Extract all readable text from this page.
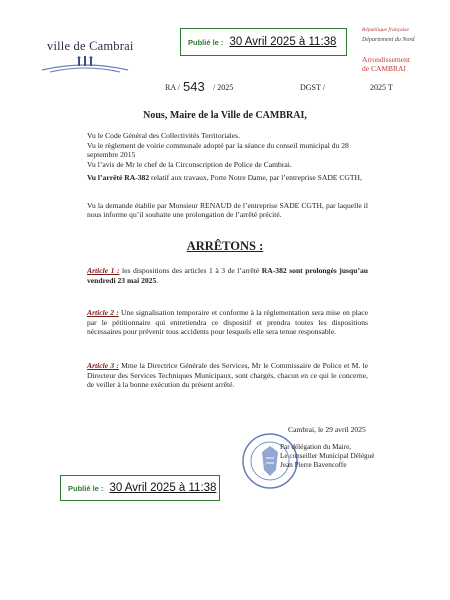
ville de Cambrai	Publié le : 30 Avril 2025 à 11:38
République française
Département du Nord
Arrondissement
de CAMBRAI
RA / 543 / 2025	DGST /	2025 T
Nous, Maire de la Ville de CAMBRAI,
Vu le Code Général des Collectivités Territoriales.
Vu le règlement de voirie communale adopté par la séance du conseil municipal du 28 septembre 2015
Vu l’avis de Mr le chef de la Circonscription de Police de Cambrai.
Vu l’arrêté RA-382 relatif aux travaux, Porte Notre Dame, par l’entreprise SADE CGTH,
Vu la demande établie par Monsieur RENAUD de l’entreprise SADE CGTH, par laquelle il nous informe qu’il souhaite une prolongation de l’arrêté précité.
ARRÊTONS :
Article 1 : les dispositions des articles 1 à 3 de l’arrêté RA-382 sont prolongés jusqu’au vendredi 23 mai 2025.
Article 2 : Une signalisation temporaire et conforme à la réglementation sera mise en place par le pétitionnaire qui entretiendra ce dispositif et prendra toutes les dispositions nécessaires pour prévenir tous accidents pour lesquels elle sera tenue responsable.
Article 3 : Mme la Directrice Générale des Services, Mr le Commissaire de Police et M. le Directeur des Services Techniques Municipaux, sont chargés, chacun en ce qui le concerne, de veiller à la bonne exécution du présent arrêté.
Cambrai, le 29 avril 2025
Par délégation du Maire,
Le conseiller Municipal Délégué
Jean Pierre Bavencoffe
Publié le : 30 Avril 2025 à 11:38
